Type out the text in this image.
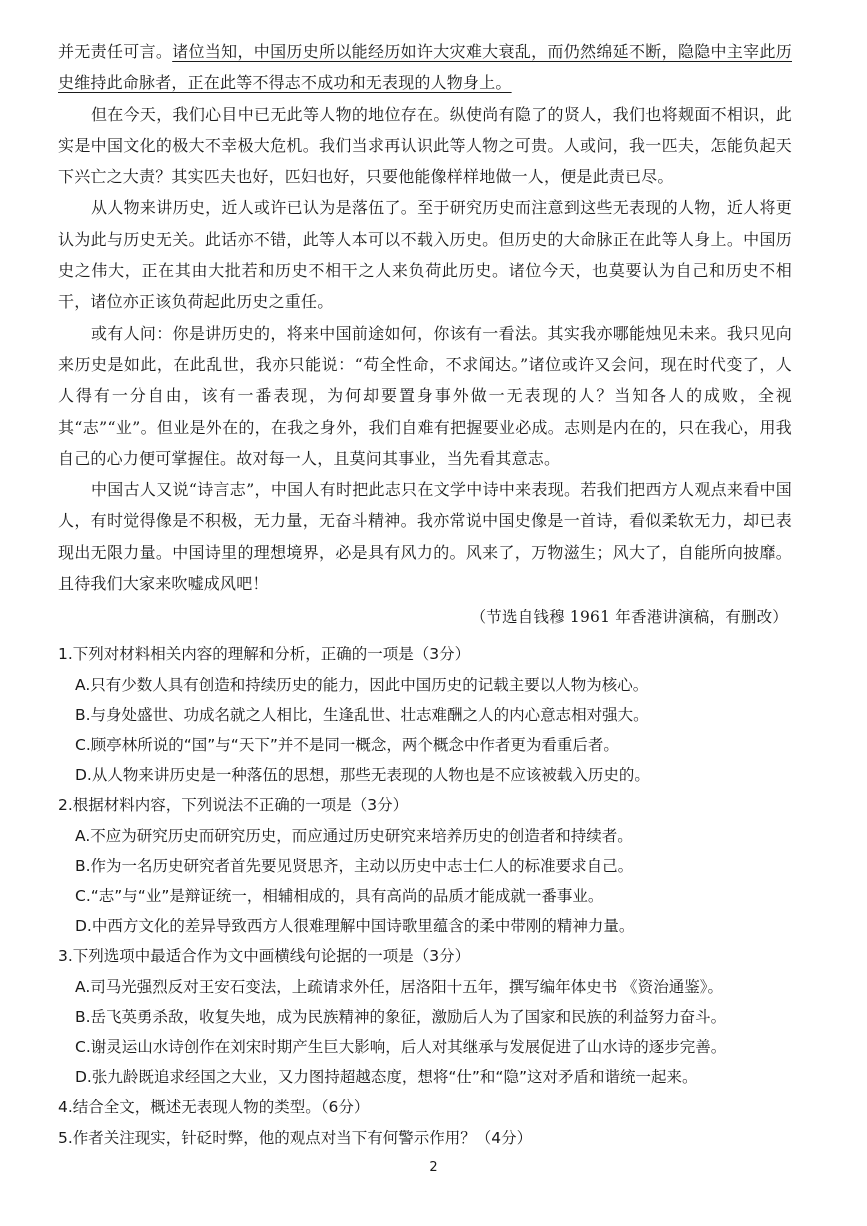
并无责任可言。诸位当知，中国历史所以能经历如许大灾难大衰乱，而仍然绵延不断，隐隐中主宰此历史维持此命脉者，正在此等不得志不成功和无表现的人物身上。

但在今天，我们心目中已无此等人物的地位存在。纵使尚有隐了的贤人，我们也将觌面不相识，此实是中国文化的极大不幸极大危机。我们当求再认识此等人物之可贵。人或问，我一匹夫，怎能负起天下兴亡之大责？其实匹夫也好，匹妇也好，只要他能像样样地做一人，便是此责已尽。

从人物来讲历史，近人或许已认为是落伍了。至于研究历史而注意到这些无表现的人物，近人将更认为此与历史无关。此话亦不错，此等人本可以不载入历史。但历史的大命脉正在此等人身上。中国历史之伟大，正在其由大批若和历史不相干之人来负荷此历史。诸位今天，也莫要认为自己和历史不相干，诸位亦正该负荷起此历史之重任。

或有人问：你是讲历史的，将来中国前途如何，你该有一看法。其实我亦哪能烛见未来。我只见向来历史是如此，在此乱世，我亦只能说：“苟全性命，不求闻达。”诸位或许又会问，现在时代变了，人人得有一分自由，该有一番表现，为何却要置身事外做一无表现的人？当知各人的成败，全视其“志”“业”。但业是外在的，在我之身外，我们自难有把握要业必成。志则是内在的，只在我心，用我自己的心力便可掌握住。故对每一人，且莫问其事业，当先看其意志。

中国古人又说“诗言志”，中国人有时把此志只在文学中诗中来表现。若我们把西方人观点来看中国人，有时觉得像是不积极，无力量，无奋斗精神。我亦常说中国史像是一首诗，看似柔软无力，却已表现出无限力量。中国诗里的理想境界，必是具有风力的。风来了，万物滋生；风大了，自能所向披靡。且待我们大家来吹嘘成风吧！

（节选自钱穆 1961 年香港讲演稿，有删改）

1.下列对材料相关内容的理解和分析，正确的一项是（3分）

A.只有少数人具有创造和持续历史的能力，因此中国历史的记载主要以人物为核心。

B.与身处盛世、功成名就之人相比，生逢乱世、壮志难酬之人的内心意志相对强大。

C.顾亭林所说的“国”与“天下”并不是同一概念，两个概念中作者更为看重后者。

D.从人物来讲历史是一种落伍的思想，那些无表现的人物也是不应该被载入历史的。

2.根据材料内容，下列说法不正确的一项是（3分）

A.不应为研究历史而研究历史，而应通过历史研究来培养历史的创造者和持续者。

B.作为一名历史研究者首先要见贤思齐，主动以历史中志士仁人的标准要求自己。

C.“志”与“业”是辩证统一，相辅相成的，具有高尚的品质才能成就一番事业。

D.中西方文化的差异导致西方人很难理解中国诗歌里蕴含的柔中带刚的精神力量。

3.下列选项中最适合作为文中画横线句论据的一项是（3分）

A.司马光强烈反对王安石变法，上疏请求外任，居洛阳十五年，撰写编年体史书 《资治通鉴》。

B.岳飞英勇杀敌，收复失地，成为民族精神的象征，激励后人为了国家和民族的利益努力奋斗。

C.谢灵运山水诗创作在刘宋时期产生巨大影响，后人对其继承与发展促进了山水诗的逐步完善。

D.张九龄既追求经国之大业，又力图持超越态度，想将“仕”和“隐”这对矛盾和谐统一起来。

4.结合全文，概述无表现人物的类型。（6分）

5.作者关注现实，针砭时弊，他的观点对当下有何警示作用？（4分）

2
